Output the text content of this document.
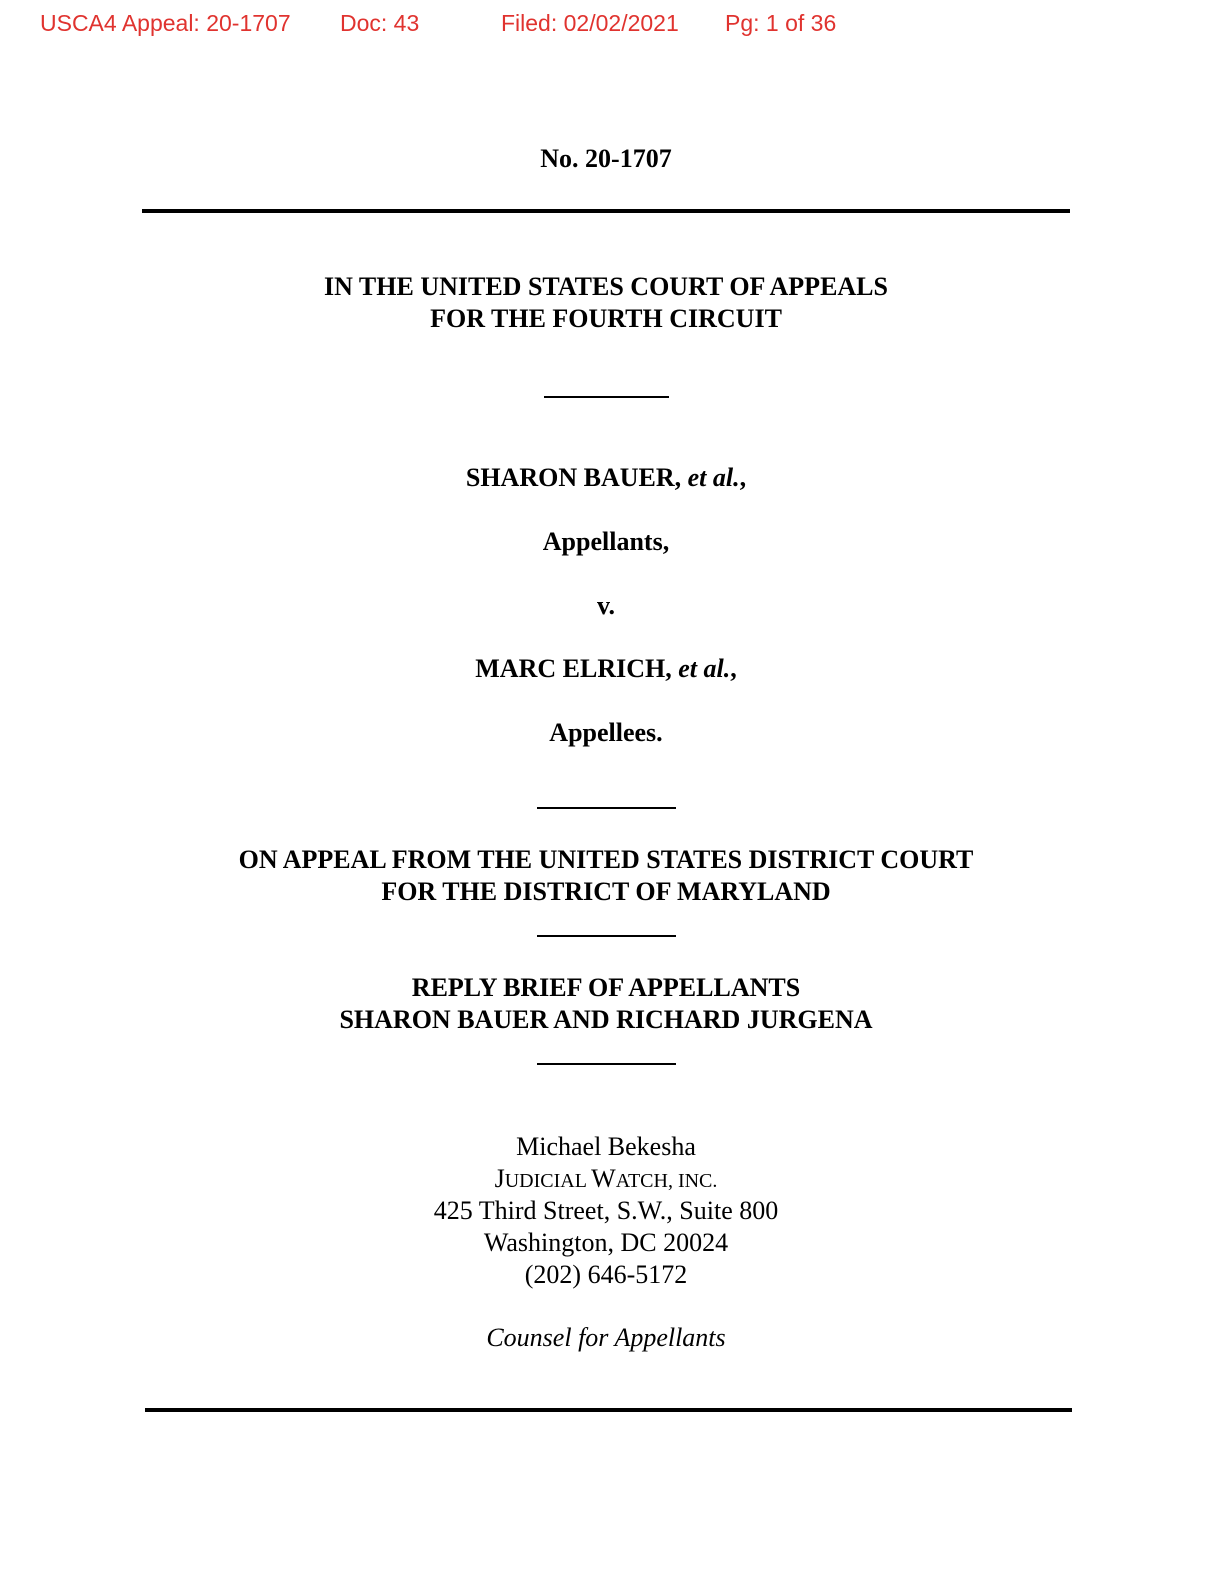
USCA4 Appeal: 20-1707 Doc: 43	Filed: 02/02/2021 Pg: 1 of 36
No. 20-1707
IN THE UNITED STATES COURT OF APPEALS
FOR THE FOURTH CIRCUIT
SHARON BAUER, et al.,
Appellants,
v.
MARC ELRICH, et al.,
Appellees.
ON APPEAL FROM THE UNITED STATES DISTRICT COURT
FOR THE DISTRICT OF MARYLAND
REPLY BRIEF OF APPELLANTS
SHARON BAUER AND RICHARD JURGENA
Michael Bekesha
JUDICIAL WATCH, INC.
425 Third Street, S.W., Suite 800
Washington, DC 20024
(202) 646-5172
Counsel for Appellants
